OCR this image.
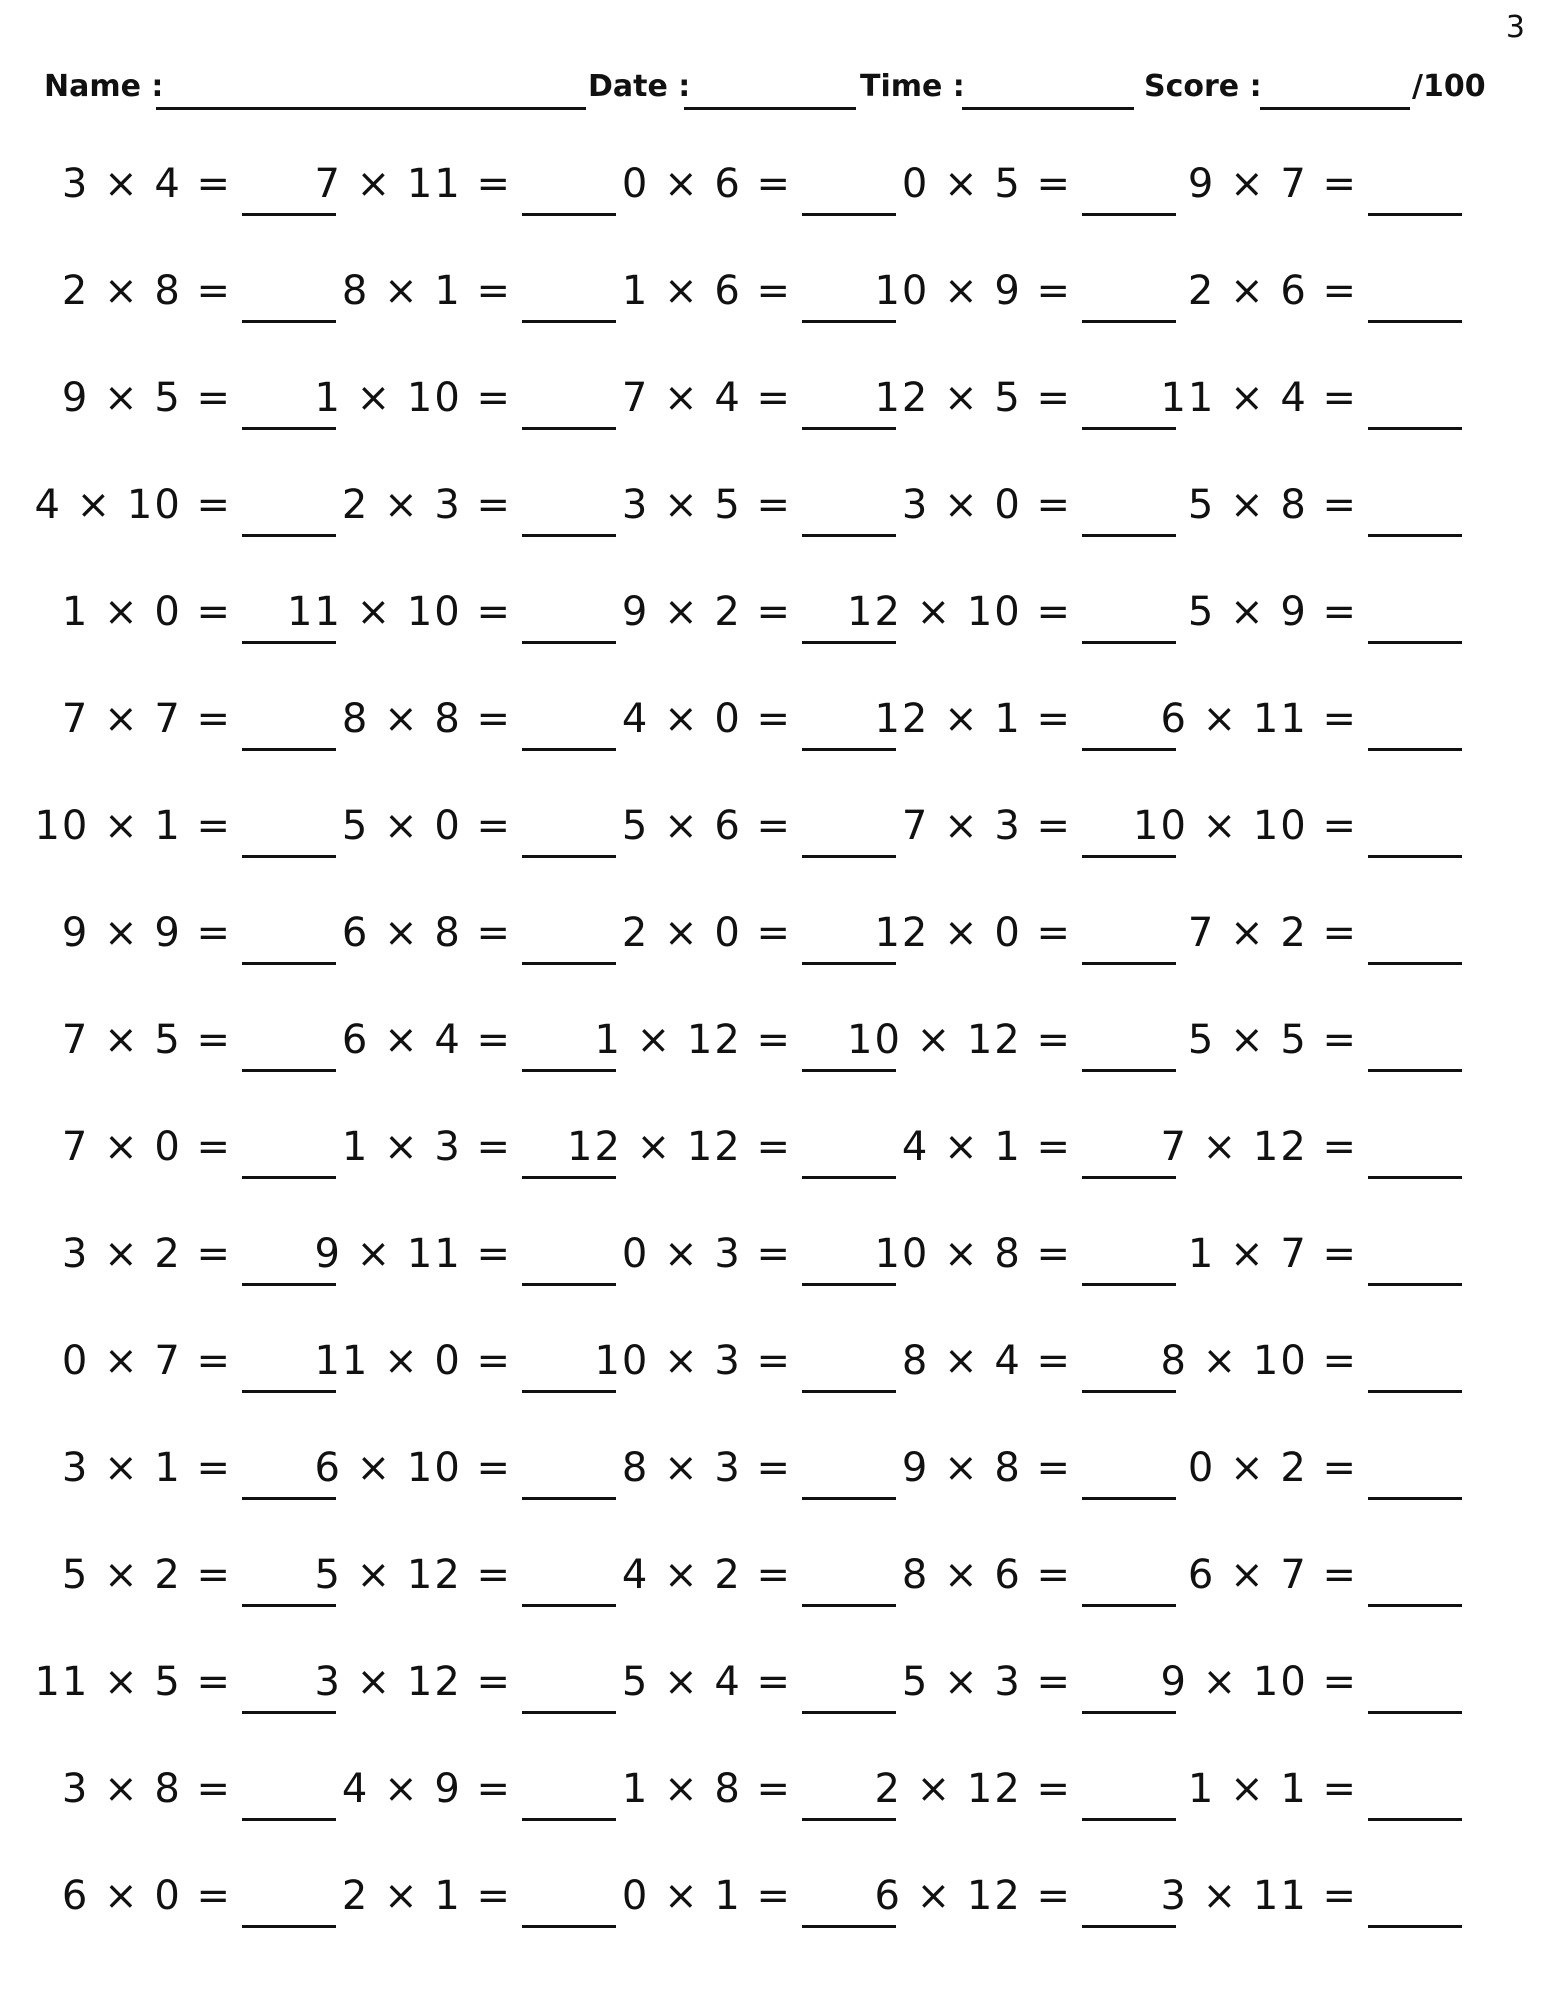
3
Name :	Date :	Time :	Score :	/100
3 × 4 = 7 × 11 =	0 × 6 =	0 × 5 =	9 × 7 =
2 × 8 =	8 × 1 =	1 × 6 = 10 × 9 =	2 × 6 =
9 × 5 = 1 × 10 =	7 × 4 = 12 × 5 = 11 × 4 =
4 × 10 =	2 × 3 =	3 × 5 =	3 × 0 =	5 × 8 =
1 × 0 = 11 × 10 =	9 × 2 = 12 × 10 =	5 × 9 =
7 × 7 =	8 × 8 =	4 × 0 = 12 × 1 = 6 × 11 =
10 × 1 =	5 × 0 =	5 × 6 =	7 × 3 = 10 × 10 =
9 × 9 =	6 × 8 =	2 × 0 = 12 × 0 =	7 × 2 =
7 × 5 =	6 × 4 = 1 × 12 = 10 × 12 =	5 × 5 =
7 × 0 =	1 × 3 = 12 × 12 =	4 × 1 = 7 × 12 =
3 × 2 = 9 × 11 =	0 × 3 = 10 × 8 =	1 × 7 =
0 × 7 = 11 × 0 = 10 × 3 =	8 × 4 = 8 × 10 =
3 × 1 = 6 × 10 =	8 × 3 =	9 × 8 =	0 × 2 =
5 × 2 = 5 × 12 =	4 × 2 =	8 × 6 =	6 × 7 =
11 × 5 = 3 × 12 =	5 × 4 =	5 × 3 = 9 × 10 =
3 × 8 =	4 × 9 =	1 × 8 = 2 × 12 =	1 × 1 =
6 × 0 =	2 × 1 =	0 × 1 = 6 × 12 = 3 × 11 =
